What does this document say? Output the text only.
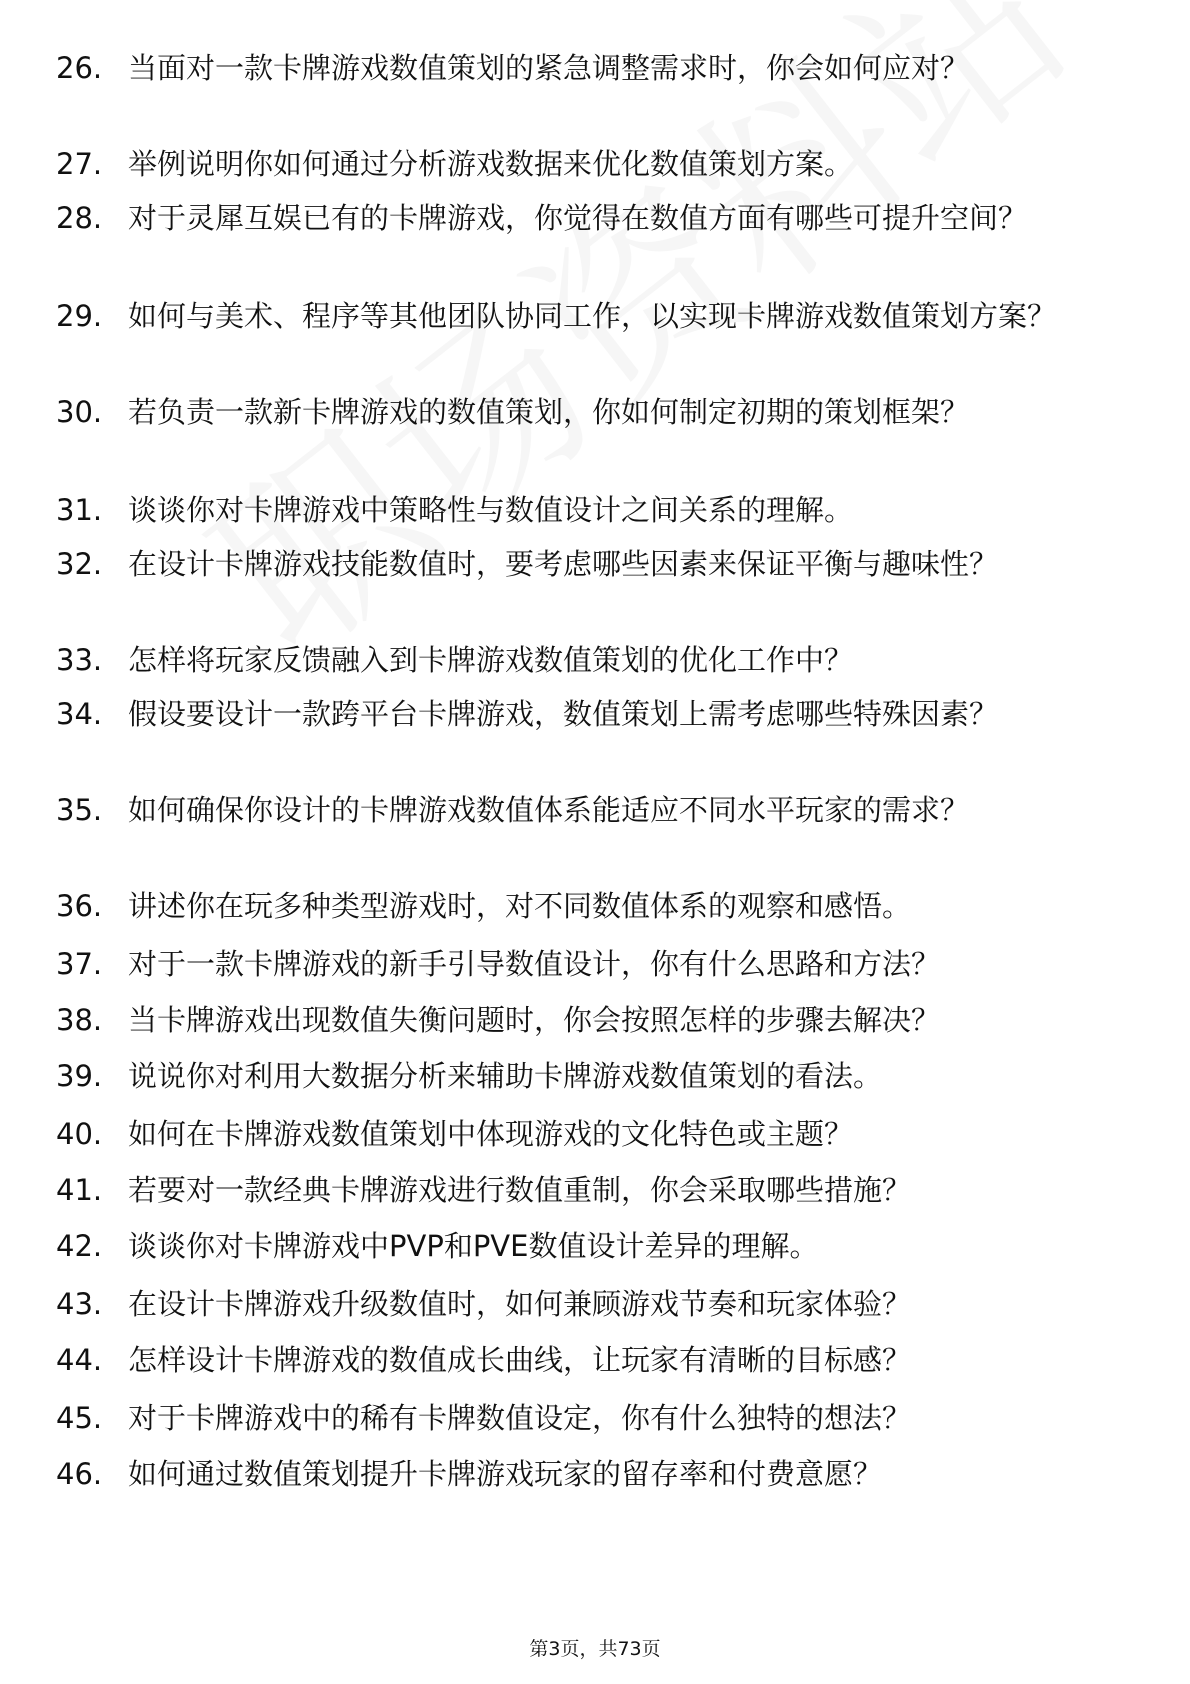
26. 当面对一款卡牌游戏数值策划的紧急调整需求时，你会如何应对？
27. 举例说明你如何通过分析游戏数据来优化数值策划方案。
28. 对于灵犀互娱已有的卡牌游戏，你觉得在数值方面有哪些可提升空间？
29. 如何与美术、程序等其他团队协同工作，以实现卡牌游戏数值策划方案？
30. 若负责一款新卡牌游戏的数值策划，你如何制定初期的策划框架？
31. 谈谈你对卡牌游戏中策略性与数值设计之间关系的理解。
32. 在设计卡牌游戏技能数值时，要考虑哪些因素来保证平衡与趣味性？
33. 怎样将玩家反馈融入到卡牌游戏数值策划的优化工作中？
34. 假设要设计一款跨平台卡牌游戏，数值策划上需考虑哪些特殊因素？
35. 如何确保你设计的卡牌游戏数值体系能适应不同水平玩家的需求？
36. 讲述你在玩多种类型游戏时，对不同数值体系的观察和感悟。
37. 对于一款卡牌游戏的新手引导数值设计，你有什么思路和方法？
38. 当卡牌游戏出现数值失衡问题时，你会按照怎样的步骤去解决？
39. 说说你对利用大数据分析来辅助卡牌游戏数值策划的看法。
40. 如何在卡牌游戏数值策划中体现游戏的文化特色或主题？
41. 若要对一款经典卡牌游戏进行数值重制，你会采取哪些措施？
42. 谈谈你对卡牌游戏中PVP和PVE数值设计差异的理解。
43. 在设计卡牌游戏升级数值时，如何兼顾游戏节奏和玩家体验？
44. 怎样设计卡牌游戏的数值成长曲线，让玩家有清晰的目标感？
45. 对于卡牌游戏中的稀有卡牌数值设定，你有什么独特的想法？
46. 如何通过数值策划提升卡牌游戏玩家的留存率和付费意愿？
第3页，共73页
